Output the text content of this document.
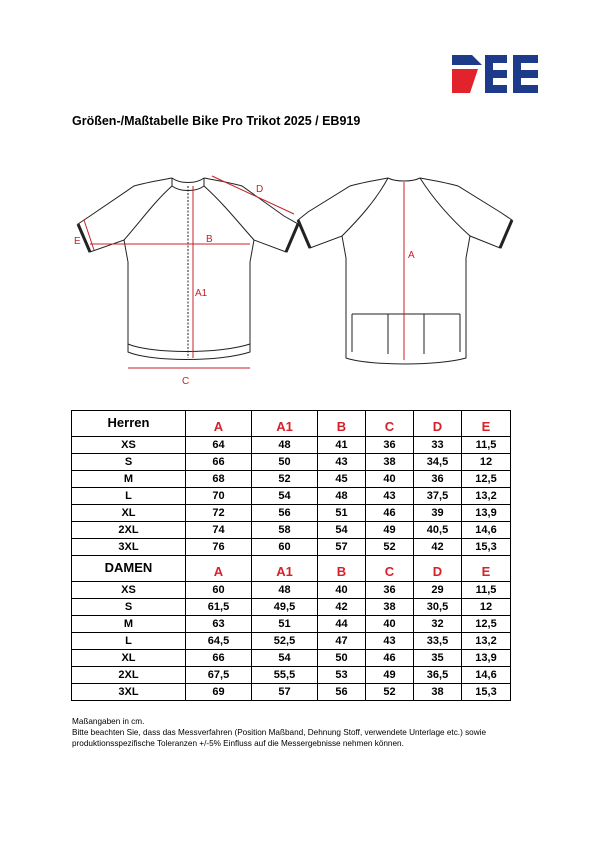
Größen-/Maßtabelle Bike Pro Trikot 2025 / EB919
D
E	B
A1
C
A
Herren	A	A1	B	C	D	E
XS	64	48	41	36	33	11,5
S	66	50	43	38	34,5	12
M	68	52	45	40	36	12,5
L	70	54	48	43	37,5	13,2
XL	72	56	51	46	39	13,9
2XL	74	58	54	49	40,5	14,6
3XL	76	60	57	52	42	15,3
DAMEN	A	A1	B	C	D	E
XS	60	48	40	36	29	11,5
S	61,5	49,5	42	38	30,5	12
M	63	51	44	40	32	12,5
L	64,5	52,5	47	43	33,5	13,2
XL	66	54	50	46	35	13,9
2XL	67,5	55,5	53	49	36,5	14,6
3XL	69	57	56	52	38	15,3

Maßangaben in cm.

Bitte beachten Sie, dass das Messverfahren (Position Maßband, Dehnung Stoff, verwendete Unterlage etc.) sowie produktionsspezifische Toleranzen +/-5% Einfluss auf die Messergebnisse nehmen können.
